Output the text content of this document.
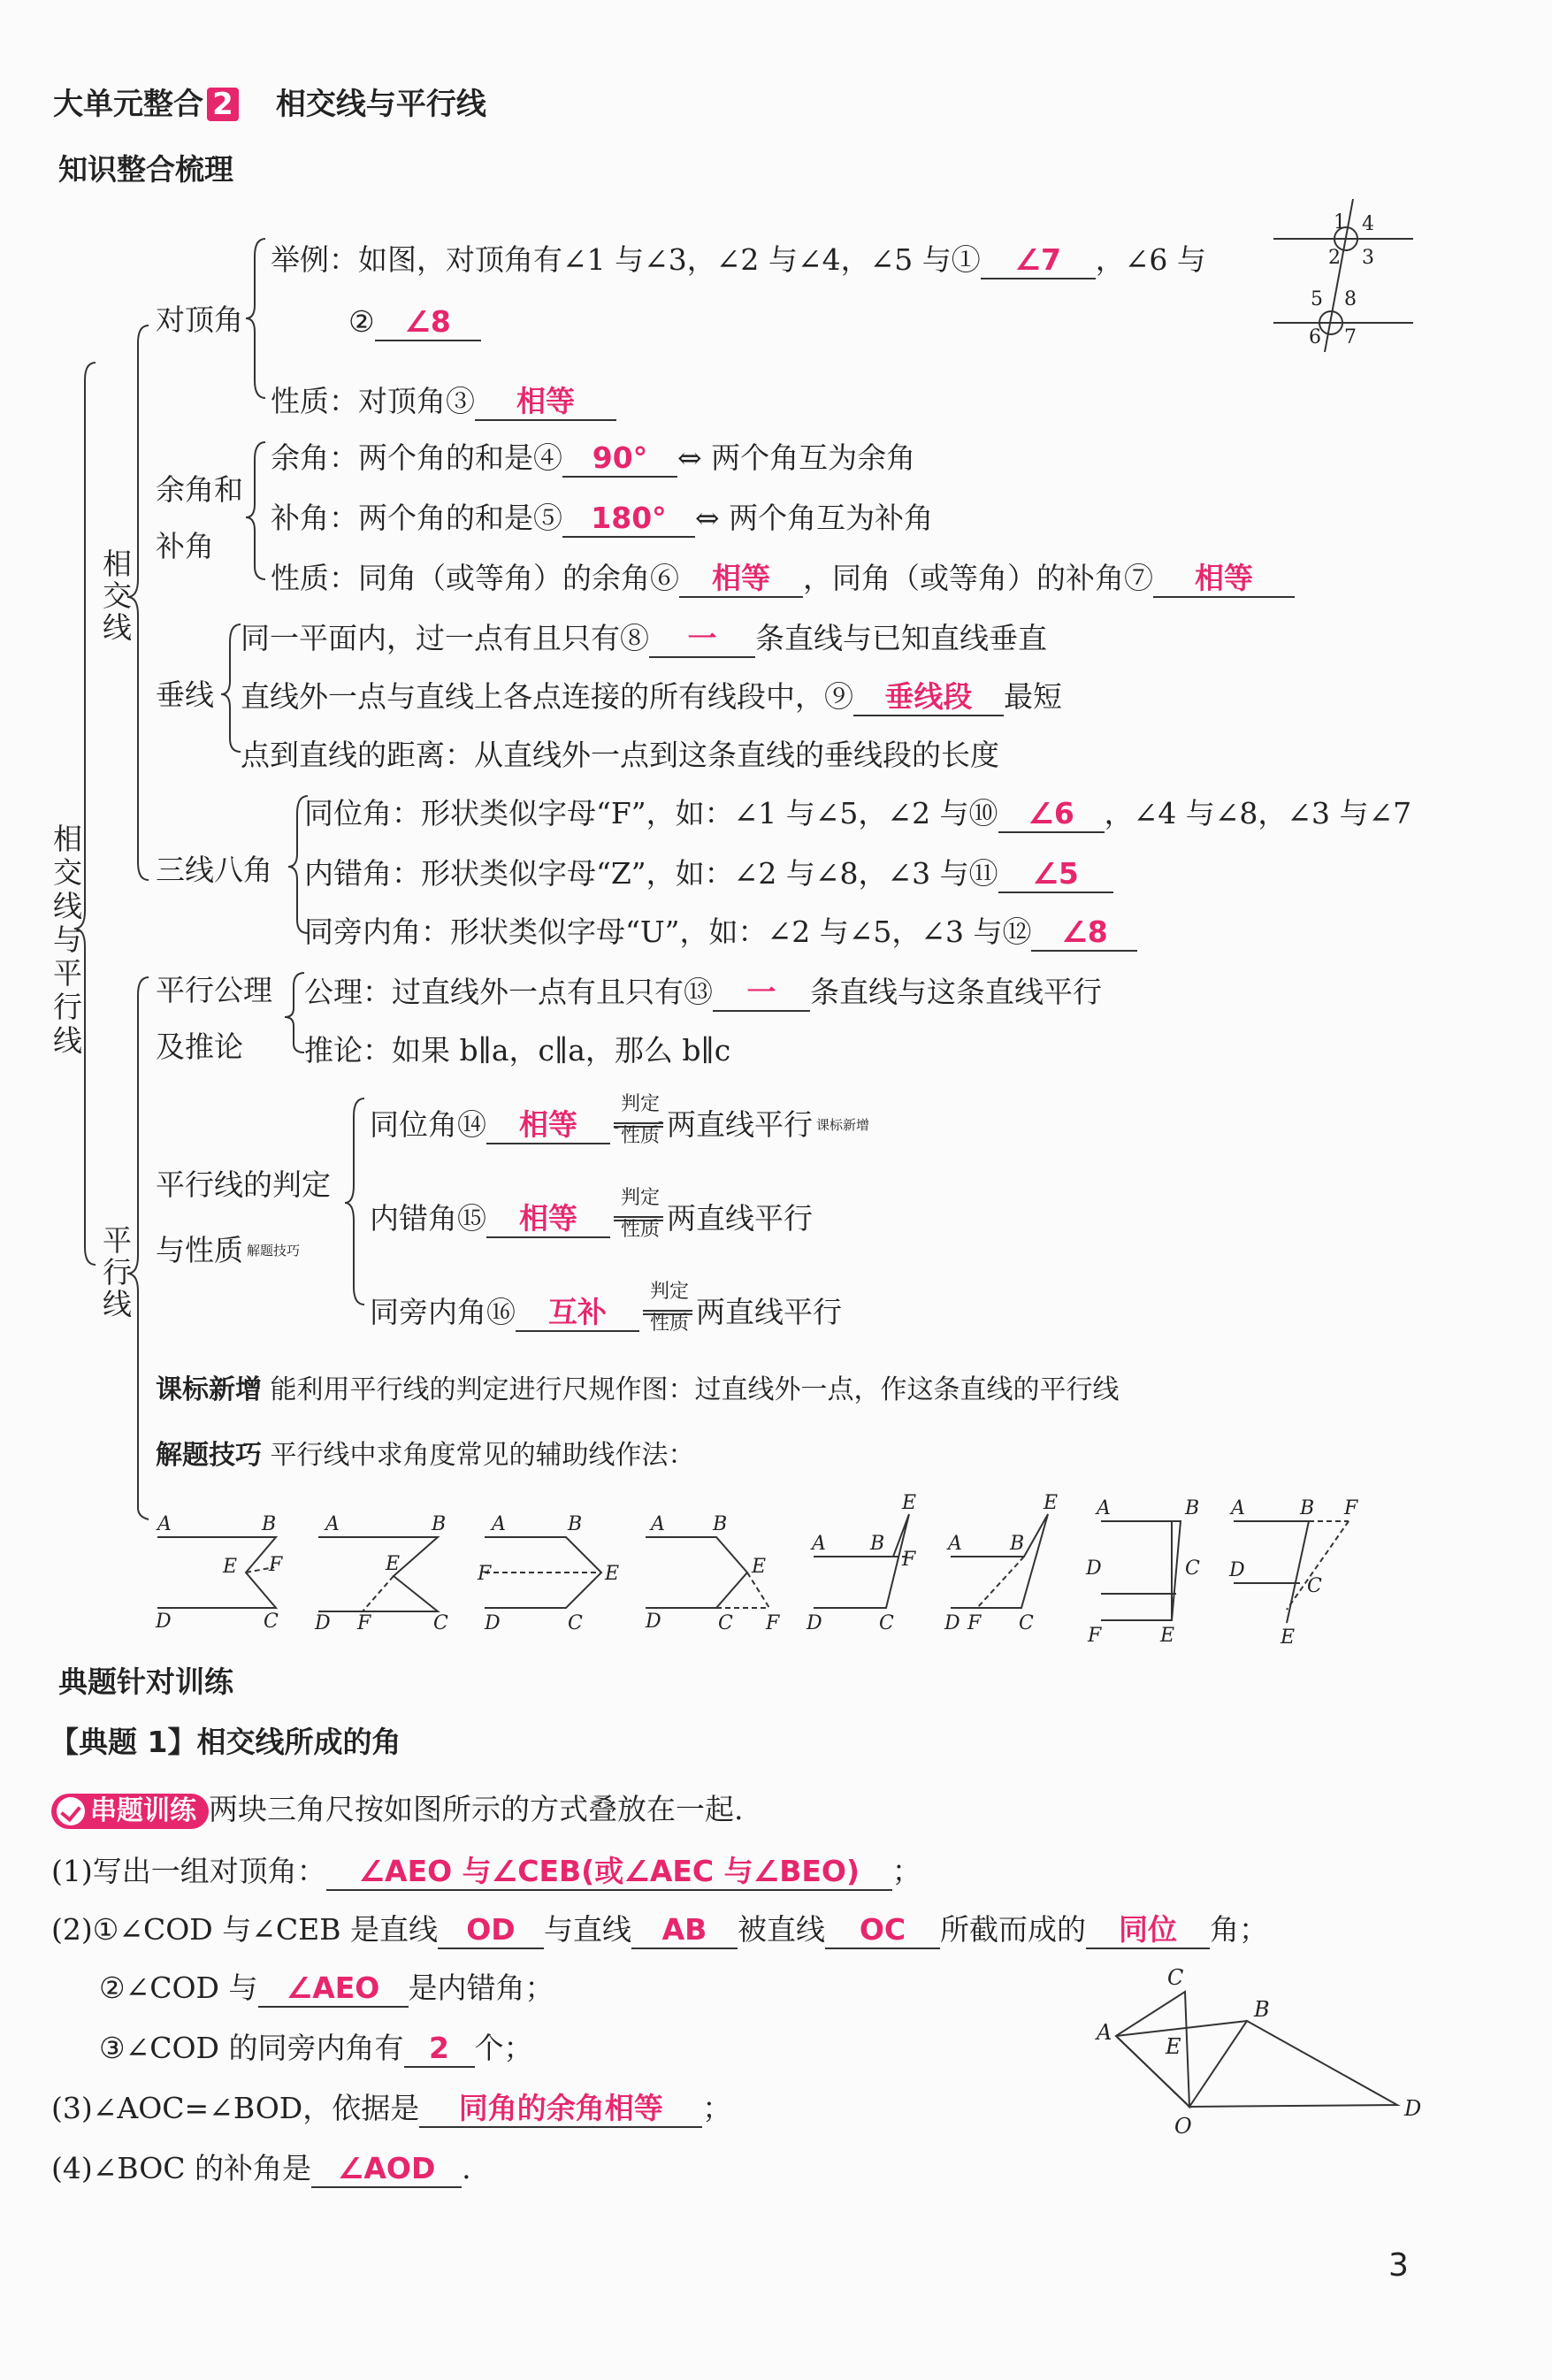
大单元整合 2 相交线与平行线
知识整合梳理
相交线与平行线
相交线
平行线
对顶角
举例：如图，对顶角有∠1 与∠3，∠2 与∠4，∠5 与① ∠7 ，∠6 与
② ∠8
性质：对顶角③ 相等
1
2 3
4
5
6 7
8
余角和
补角
余角：两个角的和是④ 90° ⇔ 两个角互为余角
补角：两个角的和是⑤ 180° ⇔ 两个角互为补角
性质：同角（或等角）的余角⑥ 相等 ，同角（或等角）的补角⑦ 相等
垂线
同一平面内，过一点有且只有⑧ 一 条直线与已知直线垂直
直线外一点与直线上各点连接的所有线段中，⑨ 垂线段 最短
点到直线的距离：从直线外一点到这条直线的垂线段的长度
三线八角
同位角：形状类似字母“F”，如：∠1 与∠5，∠2 与⑩ ∠6 ，∠4 与∠8，∠3 与∠7
内错角：形状类似字母“Z”，如：∠2 与∠8，∠3 与⑪ ∠5
同旁内角：形状类似字母“U”，如：∠2 与∠5，∠3 与⑫ ∠8
平行公理
及推论
公理：过直线外一点有且只有⑬ 一 条直线与这条直线平行
推论：如果 b∥a，c∥a，那么 b∥c
平行线的判定
与性质 $^{解题技巧}$
同位角⑭ 相等
判定
性质 两直线平行 $^{课标新增}$
内错角⑮ 相等
判定
性质 两直线平行
同旁内角⑯ 互补
判定
性质 两直线平行
课标新增 能利用平行线的判定进行尺规作图：过直线外一点，作这条直线的平行线
解题技巧 平行线中求角度常见的辅助线作法：
A	B
E F
D	C
A	B
E
D F	C
A	B
F	E
D	C
A B
E
D	C F
A B
E
F
D	C
A B
E
D F C
A	B
D	C
F	E
A	B F
D
C
E
典题针对训练
【典题 1】相交线所成的角
串题训练 两块三角尺按如图所示的方式叠放在一起.
(1)写出一组对顶角： ∠AEO 与∠CEB(或∠AEC 与∠BEO) ；
(2)①∠COD 与∠CEB 是直线 OD 与直线 AB 被直线 OC 所截而成的 同位 角；
②∠COD 与 ∠AEO 是内错角；
③∠COD 的同旁内角有 2 个；
(3)∠AOC=∠BOD，依据是 同角的余角相等 ；
(4)∠BOC 的补角是 ∠AOD .
C
B
A
E
O
D
3
